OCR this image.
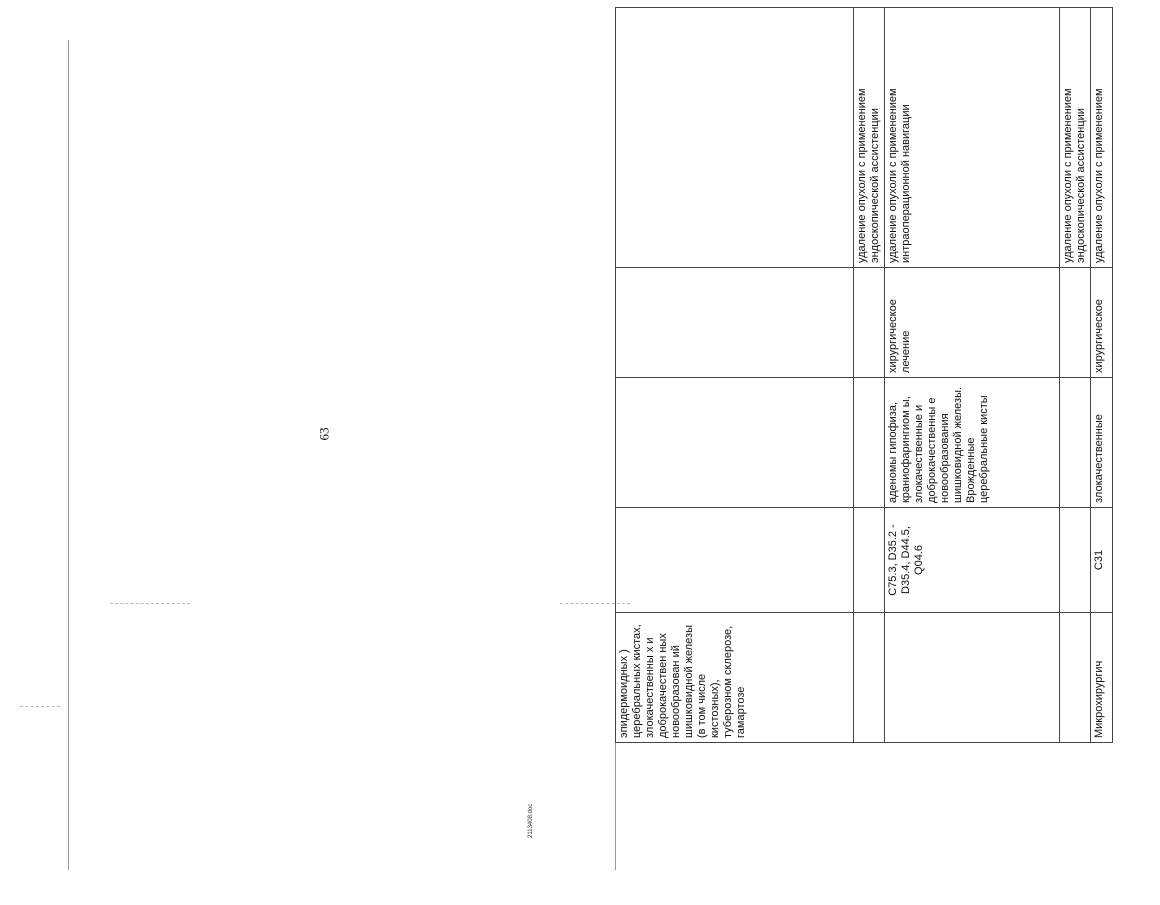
63
2113408.doc
эпидермоидных ) церебральных кистах, злокачественны х и доброкачествен ных новообразован ий шишковидной железы (в том числе кистозных), туберозном склерозе, гамартозе				
				удаление опухоли с применением эндоскопической ассистенции
	C75.3, D35.2 - D35.4, D44.5, Q04.6	аденомы гипофиза, краниофарингиом ы, злокачественные и доброкачественны е новообразования шишковидной железы. Врожденные церебральные кисты	хирургическое лечение	удаление опухоли с применением интраоперационной навигации
				удаление опухоли с применением эндоскопической ассистенции
Микрохирургич	C31	злокачественные	хирургическое	удаление опухоли с применением
